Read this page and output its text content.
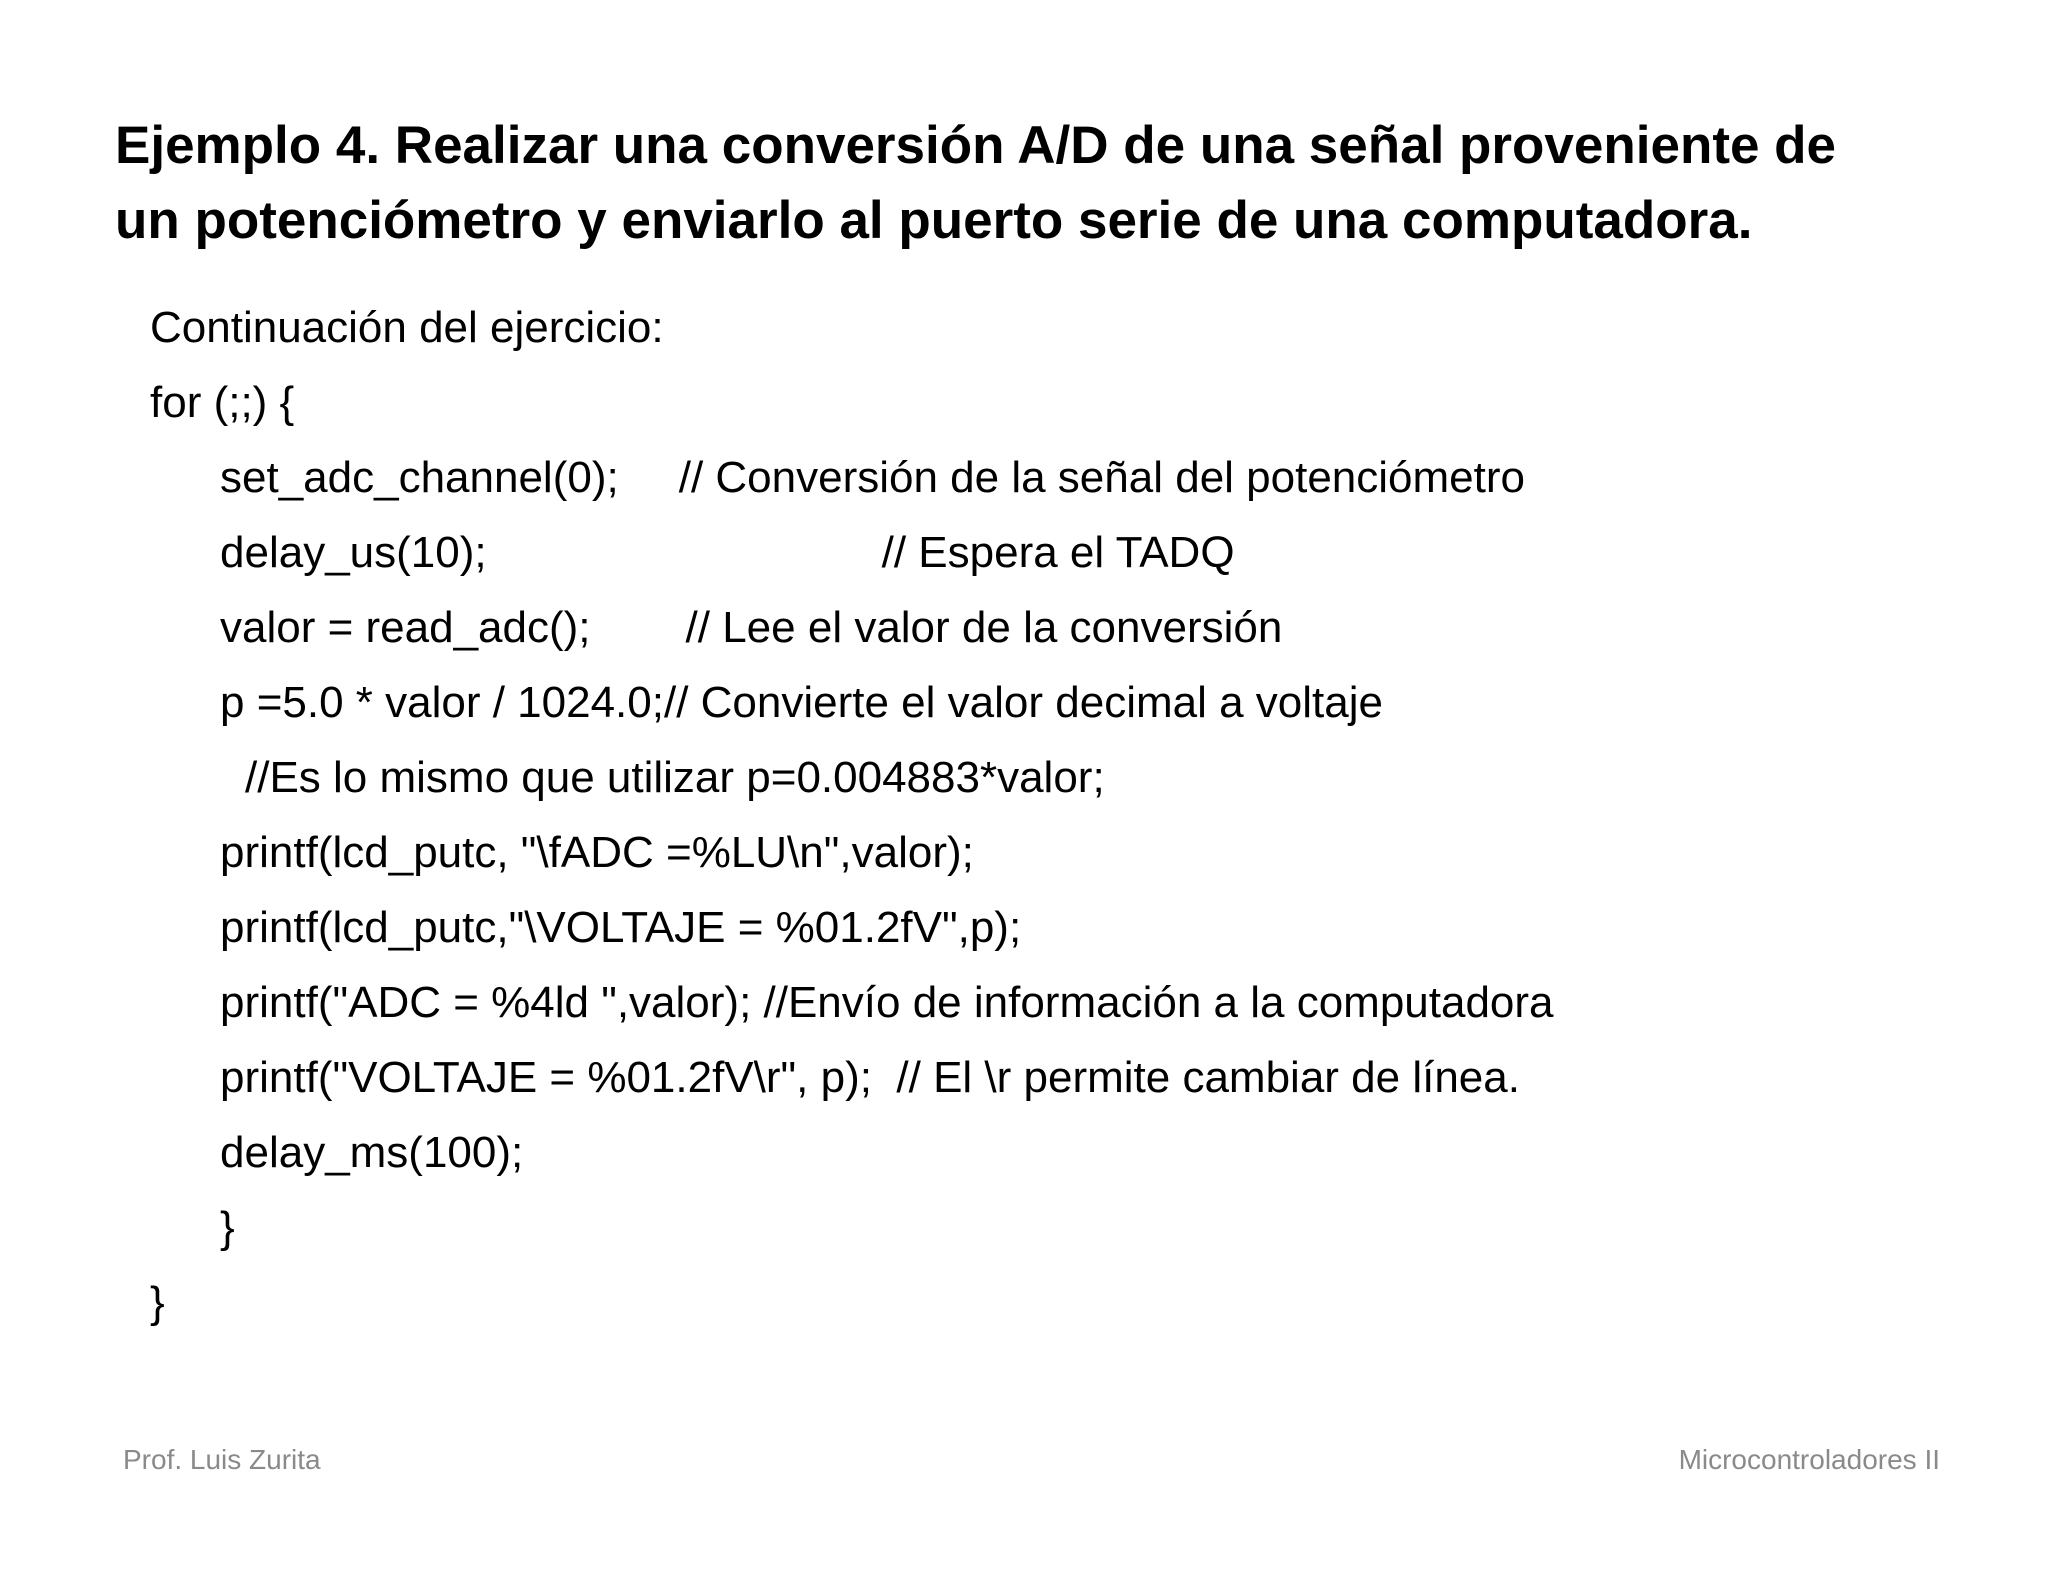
Ejemplo 4. Realizar una conversión A/D de una señal proveniente de
un potenciómetro y enviarlo al puerto serie de una computadora.
Continuación del ejercicio:
for (;;) {
set_adc_channel(0); // Conversión de la señal del potenciómetro
delay_us(10);	// Espera el TADQ
valor = read_adc(); // Lee el valor de la conversión
p =5.0 * valor / 1024.0;// Convierte el valor decimal a voltaje
//Es lo mismo que utilizar p=0.004883*valor;
printf(lcd_putc, "\fADC =%LU\n",valor);
printf(lcd_putc,"\VOLTAJE = %01.2fV",p);
printf("ADC = %4ld ",valor); //Envío de información a la computadora
printf("VOLTAJE = %01.2fV\r", p);  // El \r permite cambiar de línea.
delay_ms(100);
}
}
Prof. Luis Zurita	Microcontroladores II
